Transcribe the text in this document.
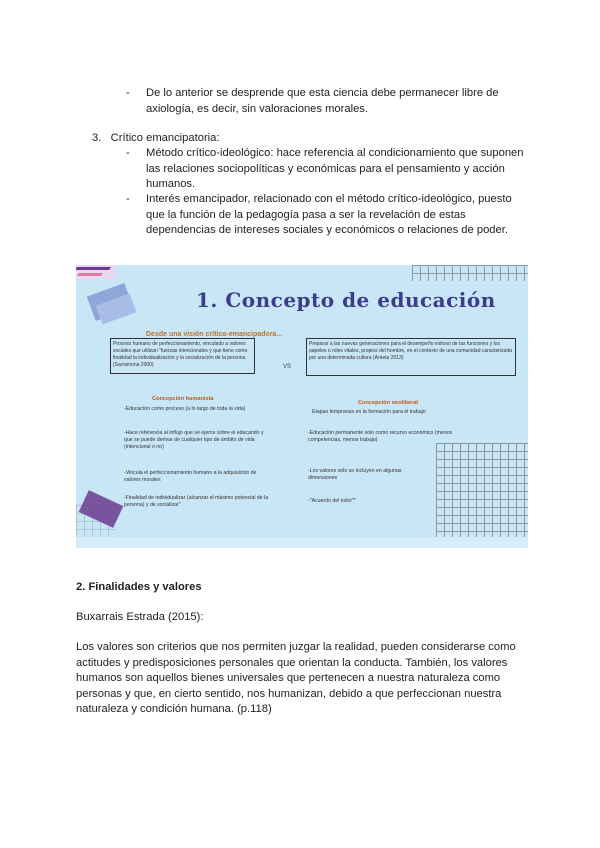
- De lo anterior se desprende que esta ciencia debe permanecer libre de axiología, es decir, sin valoraciones morales.
3. Crítico emancipatoria:
- Método crítico-ideológico: hace referencia al condicionamiento que suponen las relaciones sociopolíticas y económicas para el pensamiento y acción humanos.
- Interés emancipador, relacionado con el método crítico-ideológico, puesto que la función de la pedagogía pasa a ser la revelación de estas dependencias de intereses sociales y económicos o relaciones de poder.
1. Concepto de educación
Desde una visión crítico-emancipadora...
Proceso humano de perfeccionamiento, vinculado a valores sociales que utilizan "fuerzas intencionales y que tiene como finalidad la individualización y la socialización de la persona (Sarramona 2000)	VS
Preparar a las nuevas generaciones para el desempeño exitoso de las funciones y los papeles o roles vitales, propios del hombre, en el contexto de una comunidad caracterizada por una determinada cultura (Arrieta 2013)
Concepción humanista
Concepción neoliberal
-Educación como proceso (a lo largo de toda la vida)
-Hace referencia al influjo que se ejerce sobre el educando y que se puede derivar de cualquier tipo de ámbito de vida (intencional o no)
-Vincula el perfeccionamiento humano a la adquisición de valores morales
-Finalidad de individualizar (alcanzar el máximo potencial de la persona) y de socializar"
Etapas tempranas en la formación para el trabajo
-Educación permanente solo como recurso económico (menos competencias, menos trabajo)
-Los valores solo se incluyen en algunas dimensiones
-"Acuerdo del éxito"*
2. Finalidades y valores
Buxarrais Estrada (2015):
Los valores son criterios que nos permiten juzgar la realidad, pueden considerarse como actitudes y predisposiciones personales que orientan la conducta. También, los valores humanos son aquellos bienes universales que pertenecen a nuestra naturaleza como personas y que, en cierto sentido, nos humanizan, debido a que perfeccionan nuestra naturaleza y condición humana. (p.118)
